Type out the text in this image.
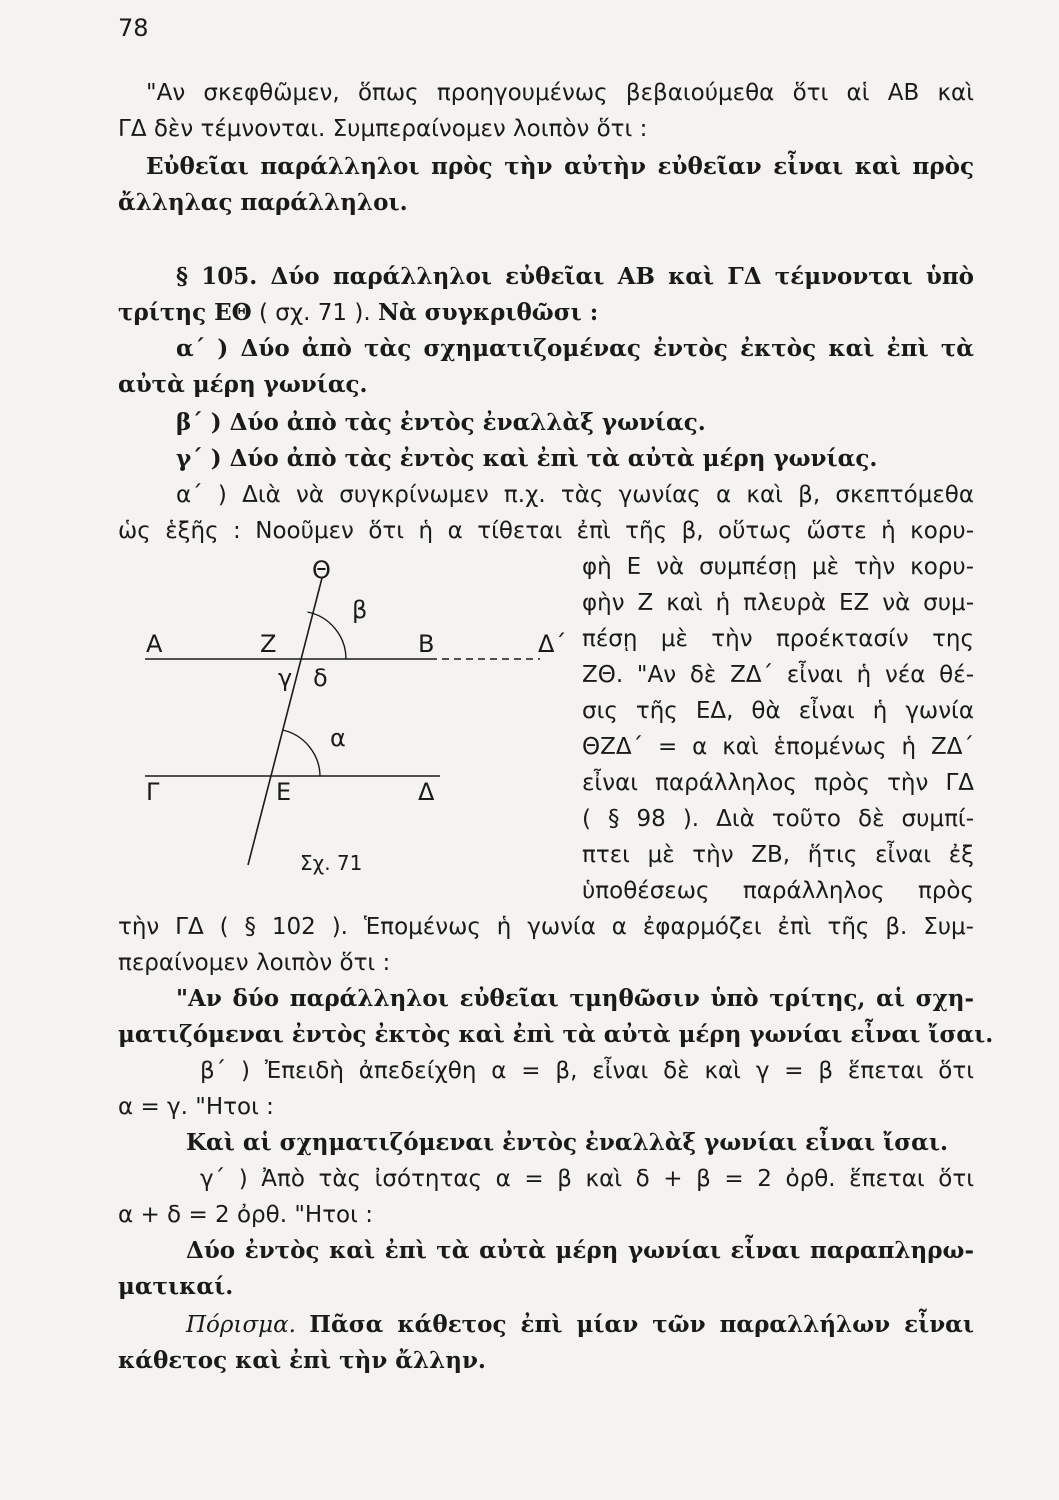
78
"Αν σκεφθῶμεν, ὅπως προηγουμένως βεβαιούμεθα ὅτι αἱ ΑΒ καὶ
ΓΔ δὲν τέμνονται. Συμπεραίνομεν λοιπὸν ὅτι :
Εὐθεῖαι παράλληλοι πρὸς τὴν αὐτὴν εὐθεῖαν εἶναι καὶ πρὸς
ἄλληλας παράλληλοι.
§ 105. Δύο παράλληλοι εὐθεῖαι ΑΒ καὶ ΓΔ τέμνονται ὑπὸ
τρίτης ΕΘ ( σχ. 71 ). Νὰ συγκριθῶσι :
α΄ ) Δύο ἀπὸ τὰς σχηματιζομένας ἐντὸς ἐκτὸς καὶ ἐπὶ τὰ
αὐτὰ μέρη γωνίας.
β΄ ) Δύο ἀπὸ τὰς ἐντὸς ἐναλλὰξ γωνίας.
γ΄ ) Δύο ἀπὸ τὰς ἐντὸς καὶ ἐπὶ τὰ αὐτὰ μέρη γωνίας.
α΄ ) Διὰ νὰ συγκρίνωμεν π.χ. τὰς γωνίας α καὶ β, σκεπτόμεθα
ὡς ἑξῆς : Νοοῦμεν ὅτι ἡ α τίθεται ἐπὶ τῆς β, οὕτως ὥστε ἡ κορυ-
φὴ Ε νὰ συμπέσῃ μὲ τὴν κορυ-
φὴν Ζ καὶ ἡ πλευρὰ ΕΖ νὰ συμ-
πέσῃ μὲ τὴν προέκτασίν της
ΖΘ. "Αν δὲ ΖΔ΄ εἶναι ἡ νέα θέ-
σις τῆς ΕΔ, θὰ εἶναι ἡ γωνία
ΘΖΔ΄ = α καὶ ἑπομένως ἡ ΖΔ΄
εἶναι παράλληλος πρὸς τὴν ΓΔ
( § 98 ). Διὰ τοῦτο δὲ συμπί-
πτει μὲ τὴν ΖΒ, ἥτις εἶναι ἐξ
ὑποθέσεως παράλληλος πρὸς
Θ
β
Α	Ζ	Β	Δ΄
γ δ
α
Γ	Ε	Δ
Σχ. 71
τὴν ΓΔ ( § 102 ). Ἑπομένως ἡ γωνία α ἐφαρμόζει ἐπὶ τῆς β. Συμ-
περαίνομεν λοιπὸν ὅτι :
"Αν δύο παράλληλοι εὐθεῖαι τμηθῶσιν ὑπὸ τρίτης, αἱ σχη-
ματιζόμεναι ἐντὸς ἐκτὸς καὶ ἐπὶ τὰ αὐτὰ μέρη γωνίαι εἶναι ἴσαι.
β΄ ) Ἐπειδὴ ἀπεδείχθη α = β, εἶναι δὲ καὶ γ = β ἕπεται ὅτι
α = γ. "Ητοι :
Καὶ αἱ σχηματιζόμεναι ἐντὸς ἐναλλὰξ γωνίαι εἶναι ἴσαι.
γ΄ ) Ἀπὸ τὰς ἰσότητας α = β καὶ δ + β = 2 ὀρθ. ἕπεται ὅτι
α + δ = 2 ὀρθ. "Ητοι :
Δύο ἐντὸς καὶ ἐπὶ τὰ αὐτὰ μέρη γωνίαι εἶναι παραπληρω-
ματικαί.
Πόρισμα. Πᾶσα κάθετος ἐπὶ μίαν τῶν παραλλήλων εἶναι
κάθετος καὶ ἐπὶ τὴν ἄλλην.
